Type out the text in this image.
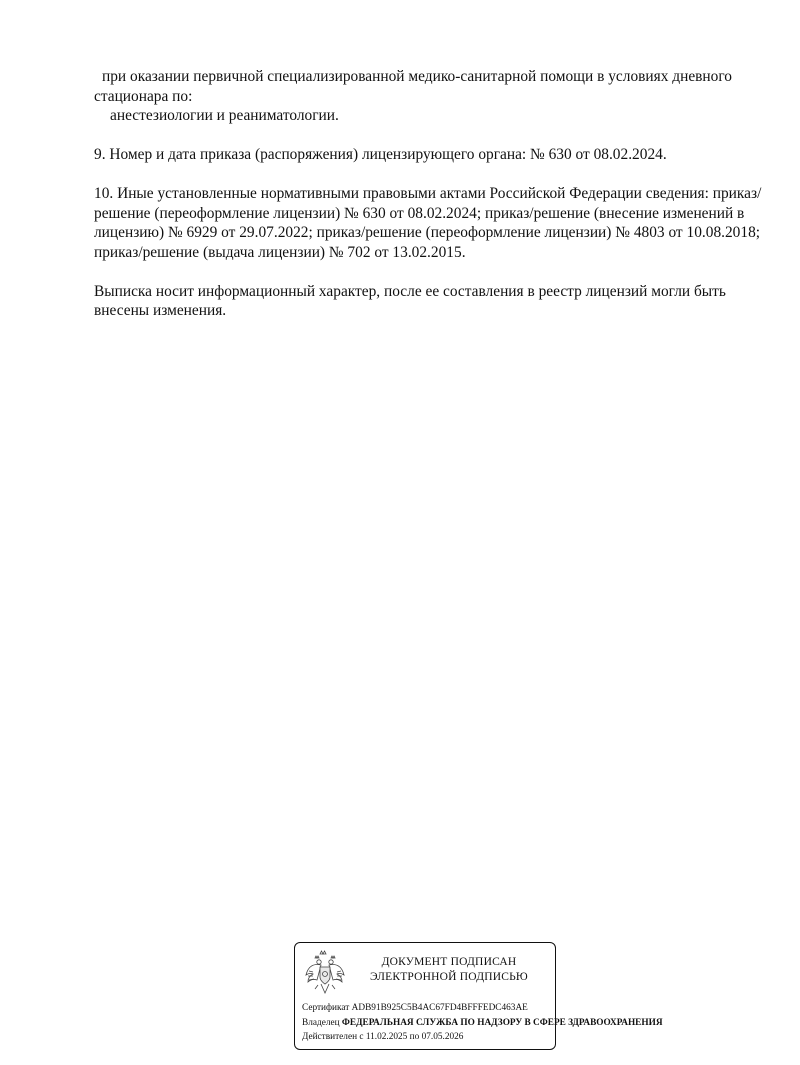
при оказании первичной специализированной медико-санитарной помощи в условиях дневного стационара по:

анестезиологии и реаниматологии.

9. Номер и дата приказа (распоряжения) лицензирующего органа: № 630 от 08.02.2024.

10. Иные установленные нормативными правовыми актами Российской Федерации сведения: приказ/решение (переоформление лицензии) № 630 от 08.02.2024; приказ/решение (внесение изменений в лицензию) № 6929 от 29.07.2022; приказ/решение (переоформление лицензии) № 4803 от 10.08.2018; приказ/решение (выдача лицензии) № 702 от 13.02.2015.

Выписка носит информационный характер, после ее составления в реестр лицензий могли быть внесены изменения.

ДОКУМЕНТ ПОДПИСАН
ЭЛЕКТРОННОЙ ПОДПИСЬЮ
Сертификат ADB91B925C5B4AC67FD4BFFFEDC463AE
Владелец ФЕДЕРАЛЬНАЯ СЛУЖБА ПО НАДЗОРУ В СФЕРЕ ЗДРАВООХРАНЕНИЯ
Действителен с 11.02.2025 по 07.05.2026
